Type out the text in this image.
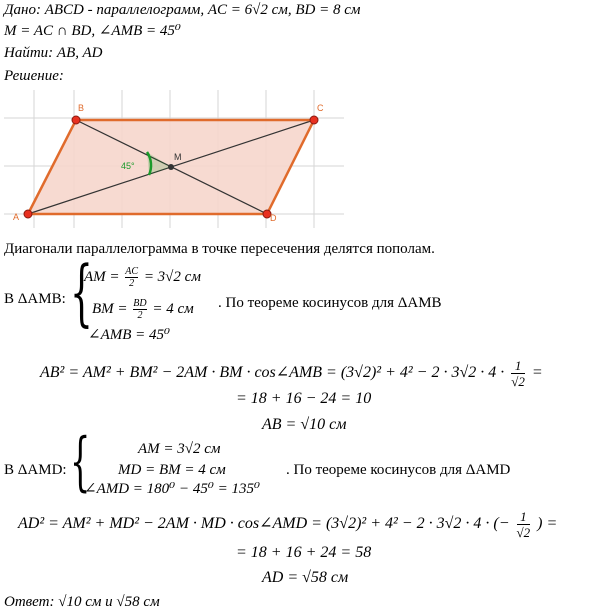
Дано: ABCD - параллелограмм, AC = 6√2 см, BD = 8 см
M = AC ∩ BD, ∠AMB = 45⁰
Найти: AB, AD
Решение:
A
B	C
D
M
45°
Диагонали параллелограмма в точке пересечения делятся пополам.
В ΔAMB: {
AM = $\frac{AC}{2} = 3√2$ см
BM = $\frac{BD}{2} = 4$ см
∠AMB = 45⁰
. По теореме косинусов для ΔAMB
AB² = AM² + BM² − 2AM · BM · cos∠AMB = $(3√2)^2 + 4^2 - 2 \cdot 3√2 \cdot 4 \cdot \frac{1}{√2}$ =
= 18 + 16 − 24 = 10
AB = √10 см
В ΔAMD: {	AM = 3√2 см
MD = BM = 4 см
∠AMD = 180⁰ − 45⁰ = 135⁰
. По теореме косинусов для ΔAMD
AD² = AM² + MD² − 2AM · MD · cos∠AMD = (3√2)² + 4² − 2 · 3√2 · 4 · (− $\frac{1}{√2}$ ) =
= 18 + 16 + 24 = 58
AD = √58 см
Ответ: √10 см и √58 см
